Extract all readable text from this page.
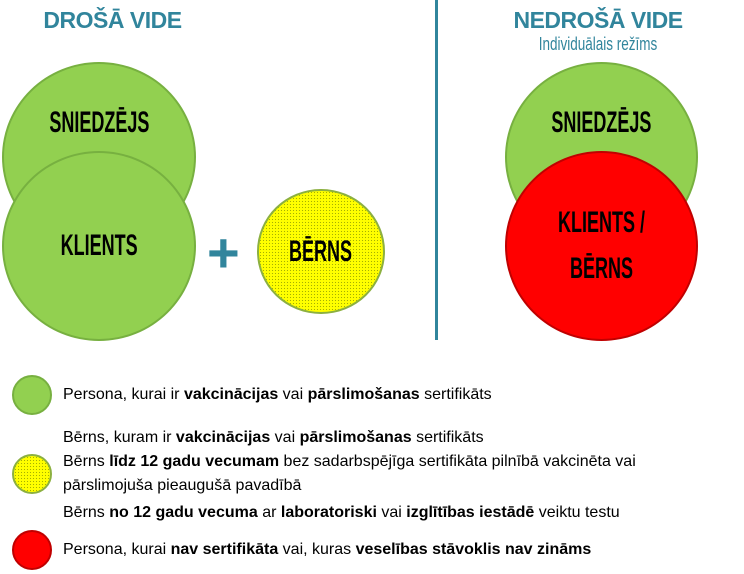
DROŠĀ VIDE
SNIEDZĒJS
KLIENTS + BĒRNS
NEDROŠĀ VIDE
Individuālais režīms
SNIEDZĒJS
KLIENTS /
BĒRNS
Persona, kurai ir vakcinācijas vai pārslimošanas sertifikāts
Bērns, kuram ir vakcinācijas vai pārslimošanas sertifikāts
Bērns līdz 12 gadu vecumam bez sadarbspējīga sertifikāta pilnībā vakcinēta vai
pārslimojuša pieaugušā pavadībā
Bērns no 12 gadu vecuma ar laboratoriski vai izglītības iestādē veiktu testu
Persona, kurai nav sertifikāta vai, kuras veselības stāvoklis nav zināms
